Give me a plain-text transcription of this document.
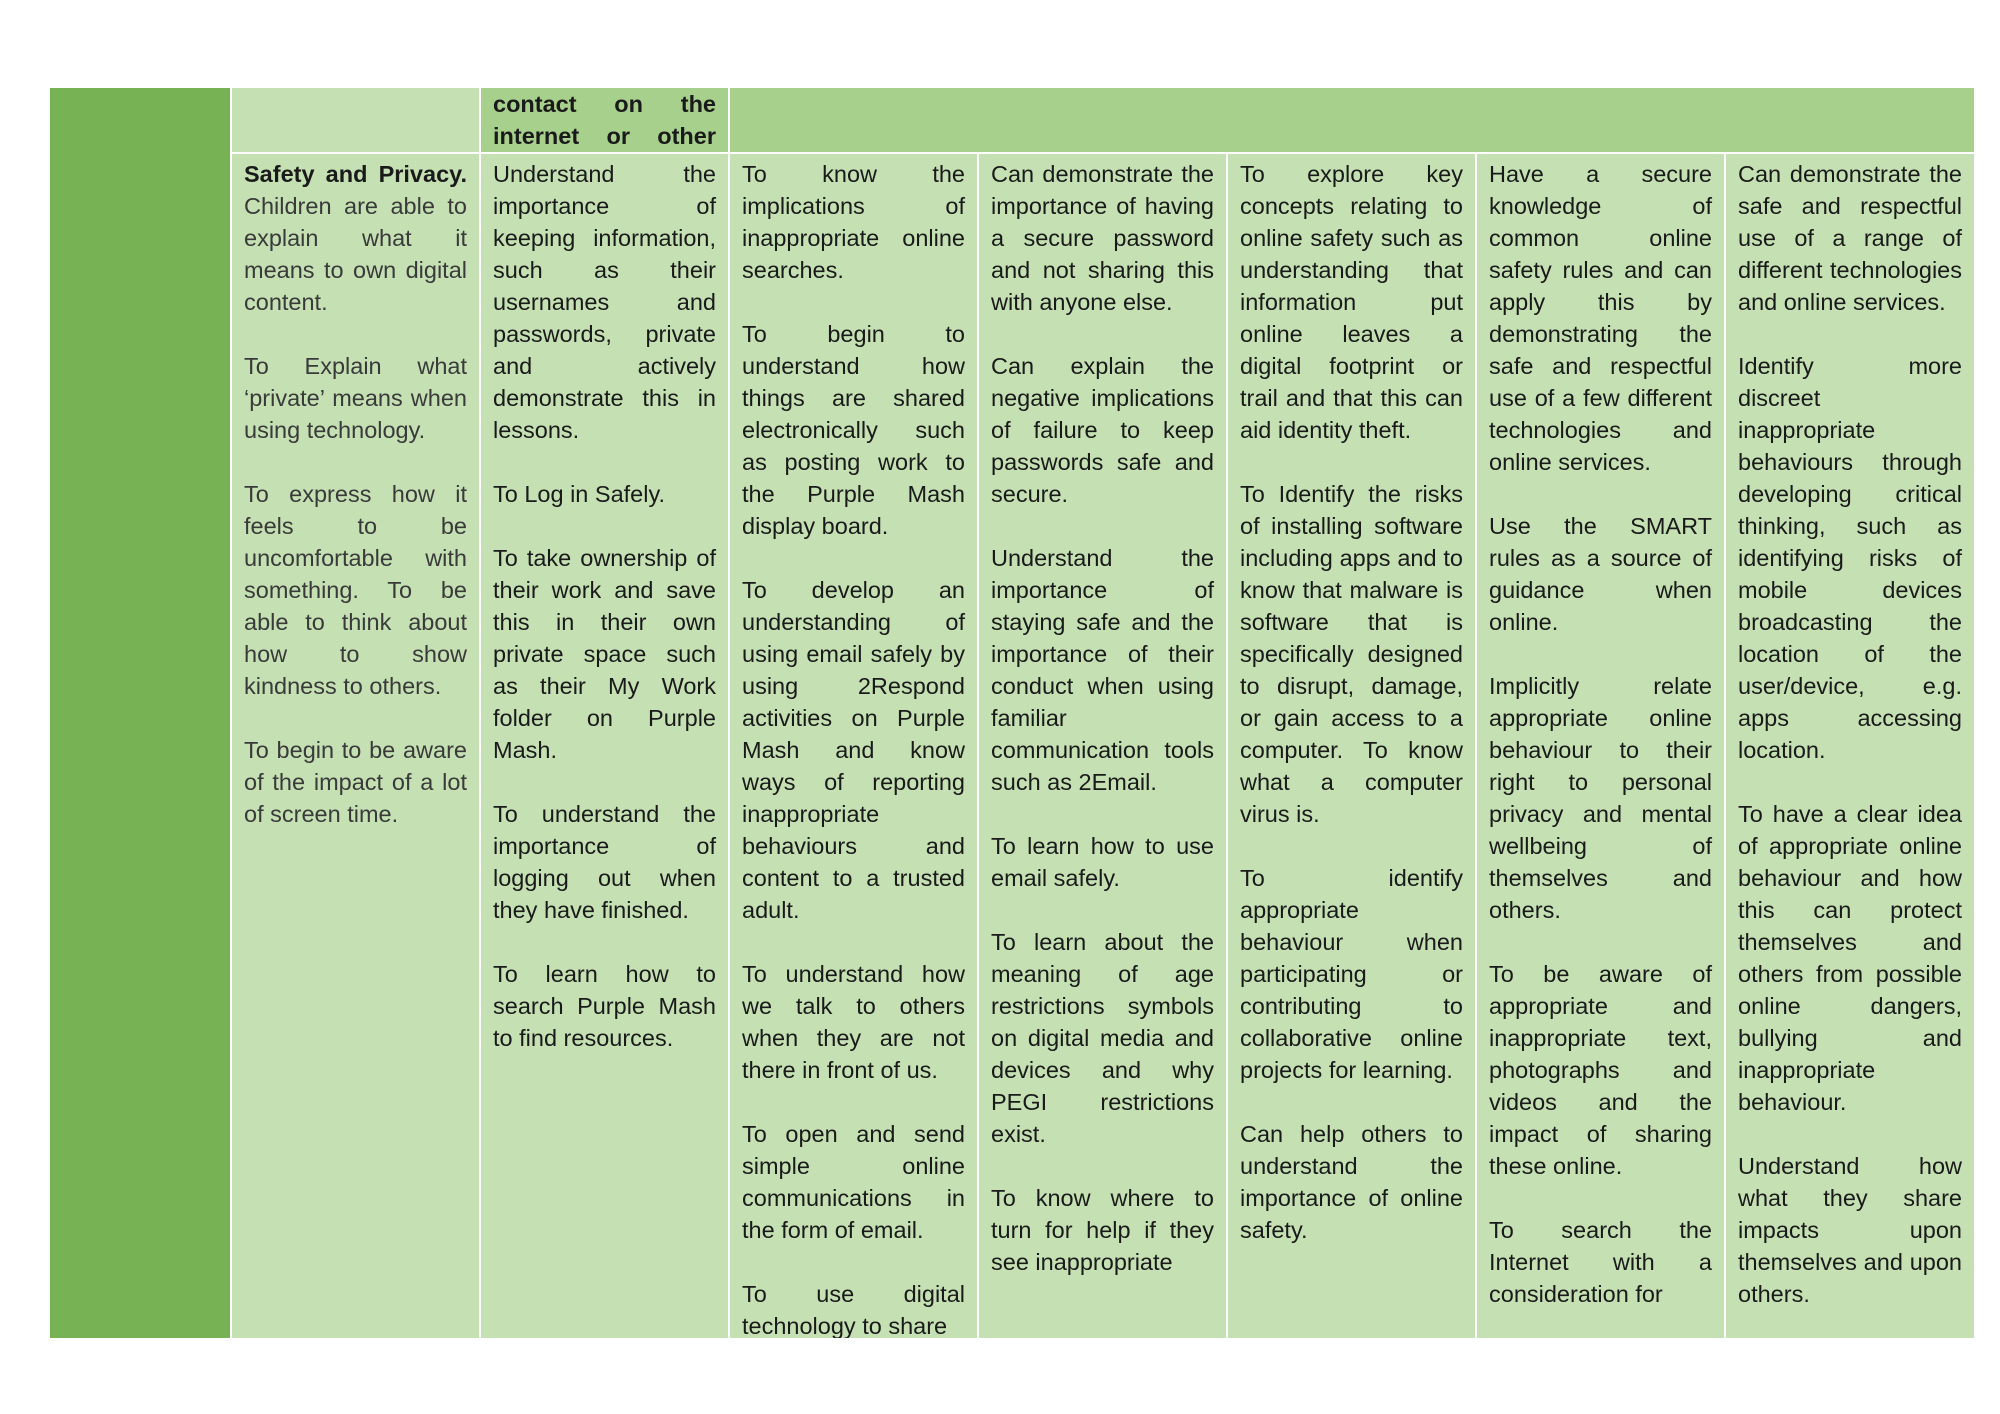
contact on the internet or other

Safety and Privacy. Children are able to explain what it means to own digital content.

To Explain what ‘private’ means when using technology.

To express how it feels to be uncomfortable with something. To be able to think about how to show kindness to others.

To begin to be aware of the impact of a lot of screen time.

Understand the importance of keeping information, such as their usernames and passwords, private and actively demonstrate this in lessons.

To Log in Safely.

To take ownership of their work and save this in their own private space such as their My Work folder on Purple Mash.

To understand the importance of logging out when they have finished.

To learn how to search Purple Mash to find resources.

To know the implications of inappropriate online searches.

To begin to understand how things are shared electronically such as posting work to the Purple Mash display board.

To develop an understanding of using email safely by using 2Respond activities on Purple Mash and know ways of reporting inappropriate behaviours and content to a trusted adult.

To understand how we talk to others when they are not there in front of us.

To open and send simple online communications in the form of email.

To use digital technology to share

Can demonstrate the importance of having a secure password and not sharing this with anyone else.

Can explain the negative implications of failure to keep passwords safe and secure.

Understand the importance of staying safe and the importance of their conduct when using familiar communication tools such as 2Email.

To learn how to use email safely.

To learn about the meaning of age restrictions symbols on digital media and devices and why PEGI restrictions exist.

To know where to turn for help if they see inappropriate

To explore key concepts relating to online safety such as understanding that information put online leaves a digital footprint or trail and that this can aid identity theft.

To Identify the risks of installing software including apps and to know that malware is software that is specifically designed to disrupt, damage, or gain access to a computer. To know what a computer virus is.

To identify appropriate behaviour when participating or contributing to collaborative online projects for learning.

Can help others to understand the importance of online safety.

Have a secure knowledge of common online safety rules and can apply this by demonstrating the safe and respectful use of a few different technologies and online services.

Use the SMART rules as a source of guidance when online.

Implicitly relate appropriate online behaviour to their right to personal privacy and mental wellbeing of themselves and others.

To be aware of appropriate and inappropriate text, photographs and videos and the impact of sharing these online.

To search the Internet with a consideration for

Can demonstrate the safe and respectful use of a range of different technologies and online services.

Identify more discreet inappropriate behaviours through developing critical thinking, such as identifying risks of mobile devices broadcasting the location of the user/device, e.g. apps accessing location.

To have a clear idea of appropriate online behaviour and how this can protect themselves and others from possible online dangers, bullying and inappropriate behaviour.

Understand how what they share impacts upon themselves and upon others.
